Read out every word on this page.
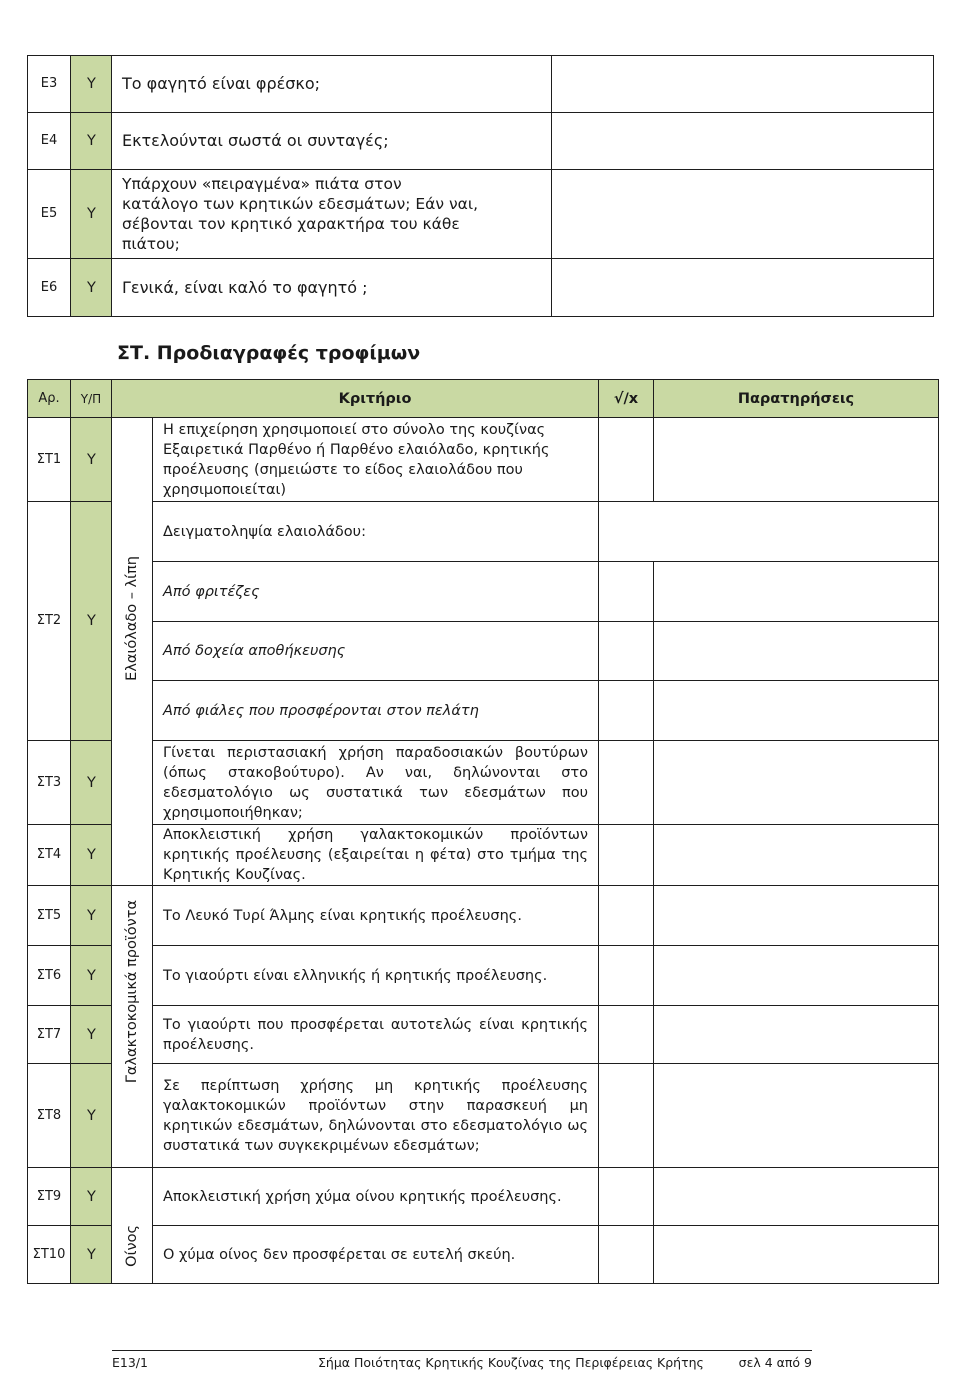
Ε3	Υ	Το φαγητό είναι φρέσκο;	
Ε4	Υ	Εκτελούνται σωστά οι συνταγές;	
Ε5	Υ	Υπάρχουν «πειραγμένα» πιάτα στον κατάλογο των κρητικών εδεσμάτων; Εάν ναι, σέβονται τον κρητικό χαρακτήρα του κάθε πιάτου;	
Ε6	Υ	Γενικά, είναι καλό το φαγητό ;	
ΣΤ. Προδιαγραφές τροφίμων
Αρ.	Υ/Π	Κριτήριο		√/x	Παρατηρήσεις
ΣΤ1	Υ		Η επιχείρηση χρησιμοποιεί στο σύνολο της κουζίνας Εξαιρετικά Παρθένο ή Παρθένο ελαιόλαδο, κρητικής προέλευσης (σημειώστε το είδος ελαιολάδου που χρησιμοποιείται)		
ΣΤ2	Υ	Ελαιόλαδο – λίπη	Δειγματοληψία ελαιολάδου:		
			Από φριτέζες		
			Από δοχεία αποθήκευσης		
			Από φιάλες που προσφέρονται στον πελάτη		
ΣΤ3	Υ		Γίνεται περιστασιακή χρήση παραδοσιακών βουτύρων (όπως στακοβούτυρο). Αν ναι, δηλώνονται στο εδεσματολόγιο ως συστατικά των εδεσμάτων που χρησιμοποιήθηκαν;		
ΣΤ4	Υ		Αποκλειστική χρήση γαλακτοκομικών προϊόντων κρητικής προέλευσης (εξαιρείται η φέτα) στο τμήμα της Κρητικής Κουζίνας.		
ΣΤ5	Υ	Γαλακτοκομικά προϊόντα	Το Λευκό Τυρί Άλμης είναι κρητικής προέλευσης.		
ΣΤ6	Υ		Το γιαούρτι είναι ελληνικής ή κρητικής προέλευσης.		
ΣΤ7	Υ		Το γιαούρτι που προσφέρεται αυτοτελώς είναι κρητικής προέλευσης.		
ΣΤ8	Υ		Σε περίπτωση χρήσης μη κρητικής προέλευσης γαλακτοκομικών προϊόντων στην παρασκευή μη κρητικών εδεσμάτων, δηλώνονται στο εδεσματολόγιο ως συστατικά των συγκεκριμένων εδεσμάτων;		
ΣΤ9	Υ	Οίνος	Αποκλειστική χρήση χύμα οίνου κρητικής προέλευσης.		
ΣΤ10	Υ		Ο χύμα οίνος δεν προσφέρεται σε ευτελή σκεύη.		
Ε13/1	Σήμα Ποιότητας Κρητικής Κουζίνας της Περιφέρειας Κρήτης	σελ 4 από 9
